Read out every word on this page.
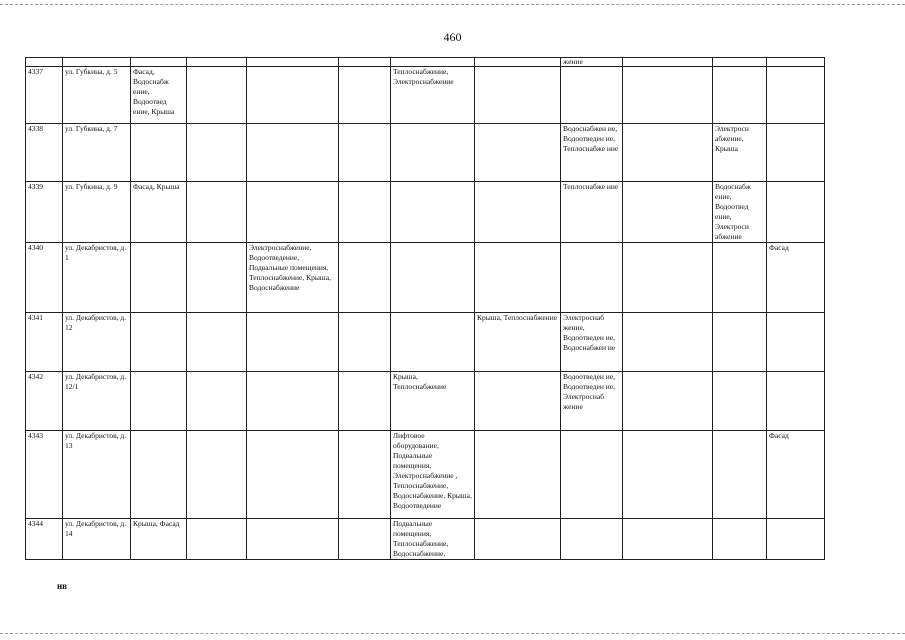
460
								жение			
4337	ул. Губкина, д. 5	Фасад, Водоснабж ение, Водоотвед ение, Крыша				Теплоснабжение, Электроснабжение					
4338	ул. Губкина, д. 7							Водоснабжен ие, Водоотведен ие, Теплоснабже ние		Электросн абжение, Крыша	
4339	ул. Губкина, д. 9	Фасад, Крыша						Теплоснабже ние		Водоснабж ение, Водоотвед ение, Электроси абжение	
4340	ул. Декабристов, д. 1			Электроснабжение, Водоотведение, Подвальные помещения, Теплоснабжение, Крыша, Водоснабжение							Фасад
4341	ул. Декабристов, д. 12						Крыша, Теплоснабжение	Электроснаб жение, Водоотведен ие, Водоснабжен ие			
4342	ул. Декабристов, д. 12/1					Крыша, Теплоснабжение		Водоотведен ие, Водоотведен ие, Электроснаб жение			
4343	ул. Декабристов, д. 13					Лифтовое оборудование, Подвальные помещения, Электроснабжение , Теплоснабжение, Водоснабжение, Крыша, Водоотведение					Фасад
4344	ул. Декабристов, д. 14	Крыша, Фасад				Подвальные помещения, Теплоснабжение, Водоснабжение,					
нв
